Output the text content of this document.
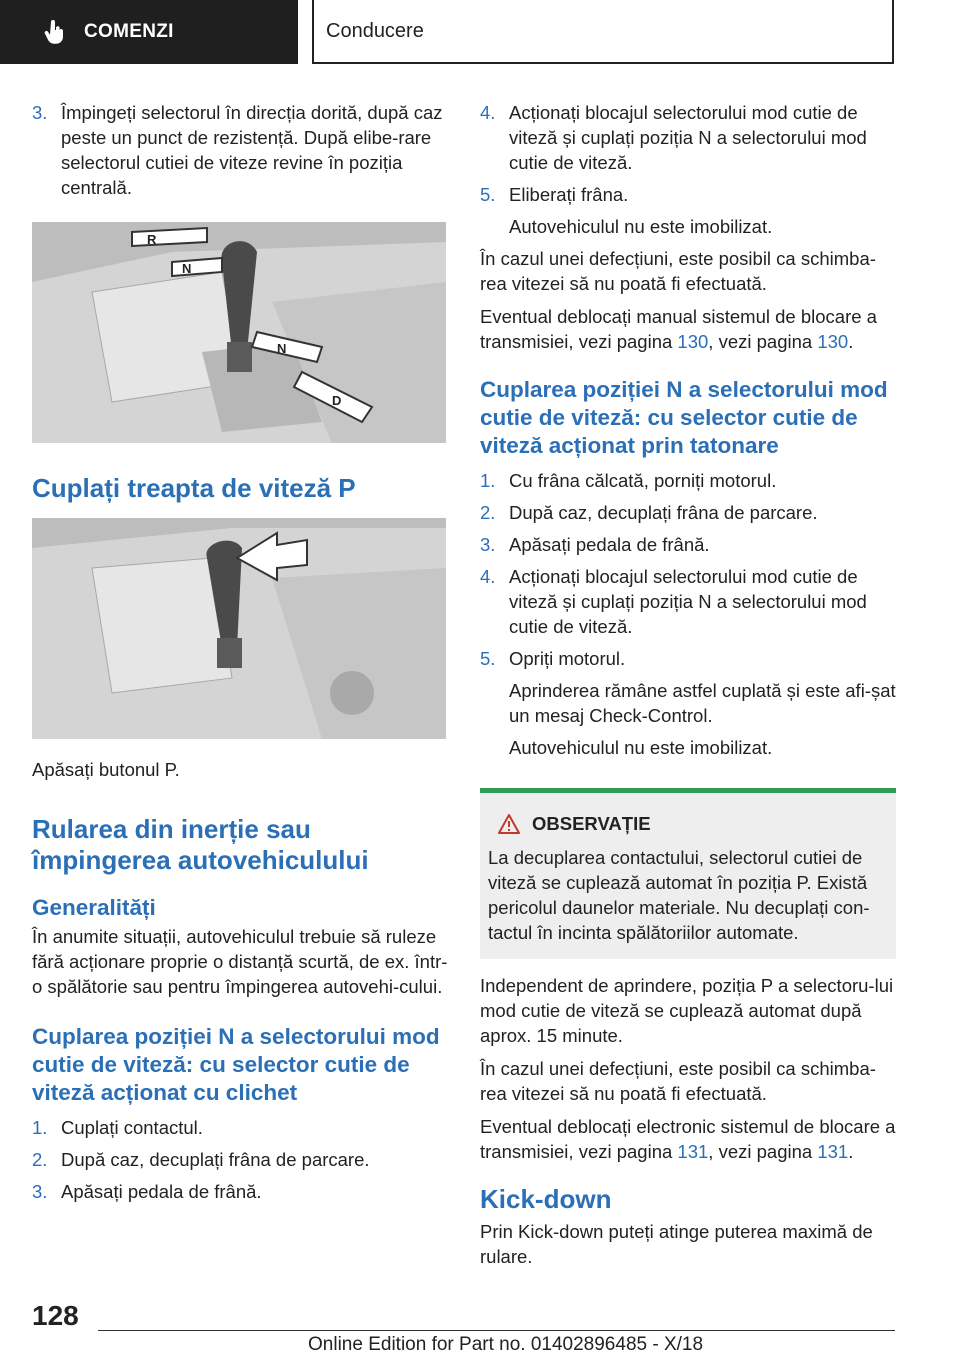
COMENZI	Conducere
3. Împingeți selectorul în direcția dorită, după caz peste un punct de rezistență. După elibe‐rare selectorul cutiei de viteze revine în poziția centrală.
R
N
N
D
Cuplați treapta de viteză P

Apăsați butonul P.

Rularea din inerție sau împingerea autovehiculului
Generalități

În anumite situații, autovehiculul trebuie să ruleze fără acționare proprie o distanță scurtă, de ex. într-o spălătorie sau pentru împingerea autovehi‐cului.

Cuplarea poziției N a selectorului mod cutie de viteză: cu selector cutie de viteză acționat cu clichet
1. Cuplați contactul.
2. După caz, decuplați frâna de parcare.
3. Apăsați pedala de frână.
4. Acționați blocajul selectorului mod cutie de viteză și cuplați poziția N a selectorului mod cutie de viteză.
5. Eliberați frâna.
Autovehiculul nu este imobilizat.

În cazul unei defecțiuni, este posibil ca schimba‐rea vitezei să nu poată fi efectuată.

Eventual deblocați manual sistemul de blocare a transmisiei, vezi pagina 130, vezi pagina 130.

Cuplarea poziției N a selectorului mod cutie de viteză: cu selector cutie de viteză acționat prin tatonare
1. Cu frâna călcată, porniți motorul.
2. După caz, decuplați frâna de parcare.
3. Apăsați pedala de frână.
4. Acționați blocajul selectorului mod cutie de viteză și cuplați poziția N a selectorului mod cutie de viteză.
5. Opriți motorul.
Aprinderea rămâne astfel cuplată și este afi‐șat un mesaj Check-Control.
Autovehiculul nu este imobilizat.
OBSERVAȚIE
La decuplarea contactului, selectorul cutiei de viteză se cuplează automat în poziția P. Există pericolul daunelor materiale. Nu decuplați con‐tactul în incinta spălătoriilor automate.

Independent de aprindere, poziția P a selectoru‐lui mod cutie de viteză se cuplează automat după aprox. 15 minute.

În cazul unei defecțiuni, este posibil ca schimba‐rea vitezei să nu poată fi efectuată.

Eventual deblocați electronic sistemul de blocare a transmisiei, vezi pagina 131, vezi pagina 131.

Kick-down

Prin Kick-down puteți atinge puterea maximă de rulare.

128
Online Edition for Part no. 01402896485 - X/18
